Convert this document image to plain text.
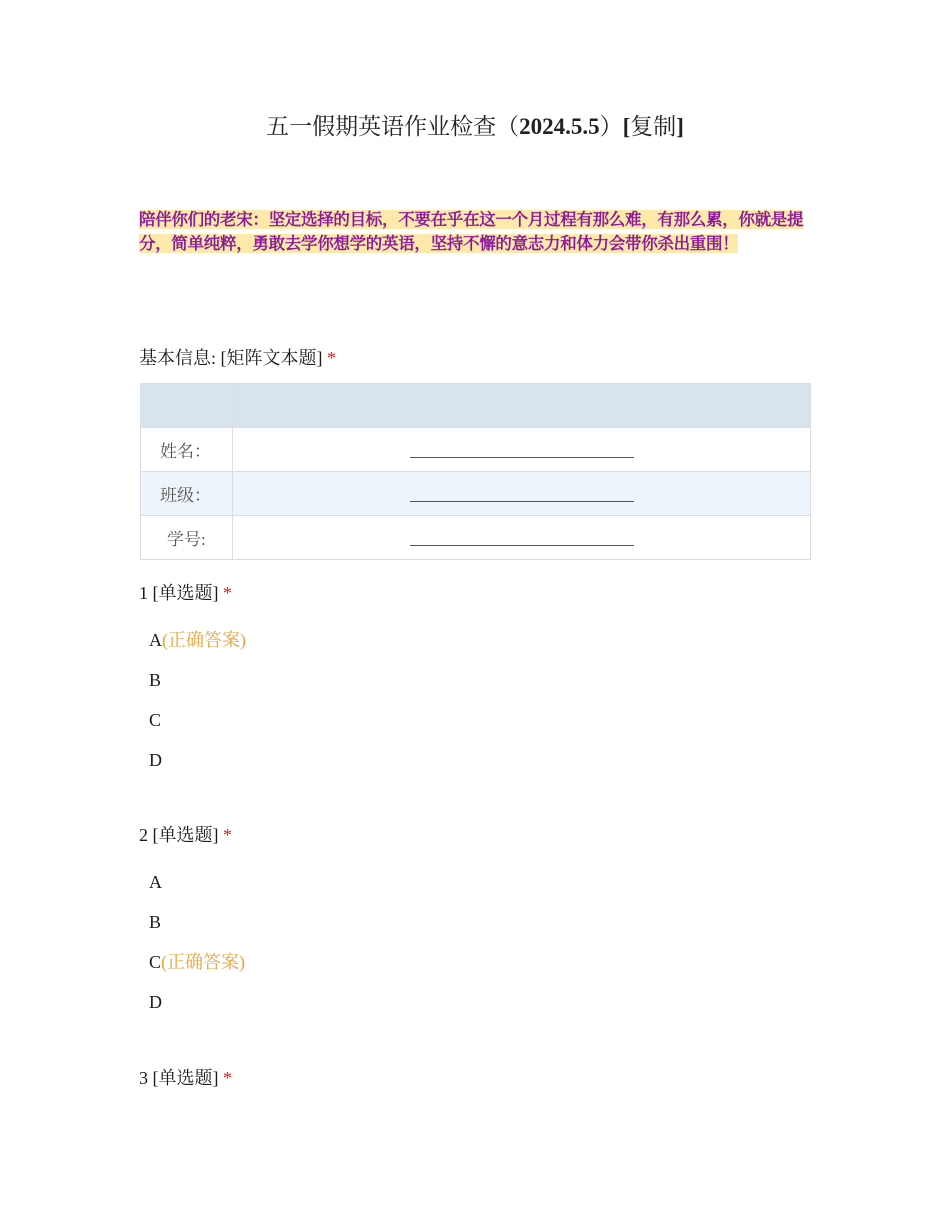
五一假期英语作业检查（2024.5.5）[复制]
陪伴你们的老宋：坚定选择的目标，不要在乎在这一个月过程有那么难，有那么累，你就是提分，简单纯粹，勇敢去学你想学的英语，坚持不懈的意志力和体力会带你杀出重围！
基本信息: [矩阵文本题] *

姓名：	
班级：	
学号:	
1 [单选题] *
A(正确答案)
B
C
D
2 [单选题] *
A
B
C(正确答案)
D
3 [单选题] *
